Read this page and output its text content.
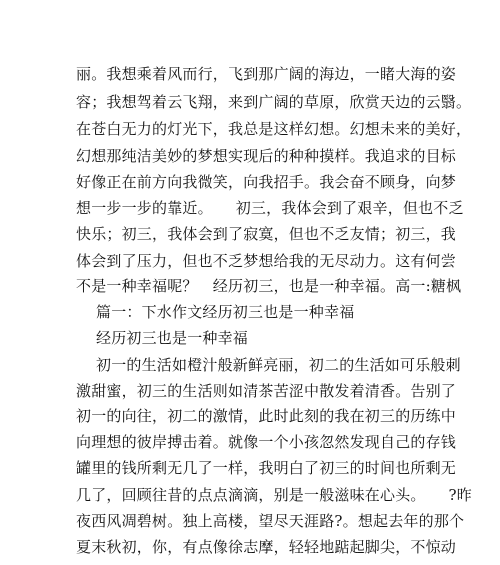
丽。我想乘着风而行，飞到那广阔的海边，一睹大海的姿
容；我想驾着云飞翔，来到广阔的草原，欣赏天边的云翳。
在苍白无力的灯光下，我总是这样幻想。幻想未来的美好，
幻想那纯洁美妙的梦想实现后的种种摸样。我追求的目标
好像正在前方向我微笑，向我招手。我会奋不顾身，向梦
想一步一步的靠近。　　初三，我体会到了艰辛，但也不乏
快乐；初三，我体会到了寂寞，但也不乏友情；初三，我
体会到了压力，但也不乏梦想给我的无尽动力。这有何尝
不是一种幸福呢？　经历初三，也是一种幸福。高一:糖枫
篇一：下水作文经历初三也是一种幸福
经历初三也是一种幸福
初一的生活如橙汁般新鲜亮丽，初二的生活如可乐般刺
激甜蜜，初三的生活则如清茶苦涩中散发着清香。告别了
初一的向往，初二的激情，此时此刻的我在初三的历练中
向理想的彼岸搏击着。就像一个小孩忽然发现自己的存钱
罐里的钱所剩无几了一样，我明白了初三的时间也所剩无
几了，回顾往昔的点点滴滴，别是一般滋味在心头。　　?昨
夜西风凋碧树。独上高楼，望尽天涯路?。想起去年的那个
夏末秋初，你，有点像徐志摩，轻轻地踮起脚尖，不惊动
